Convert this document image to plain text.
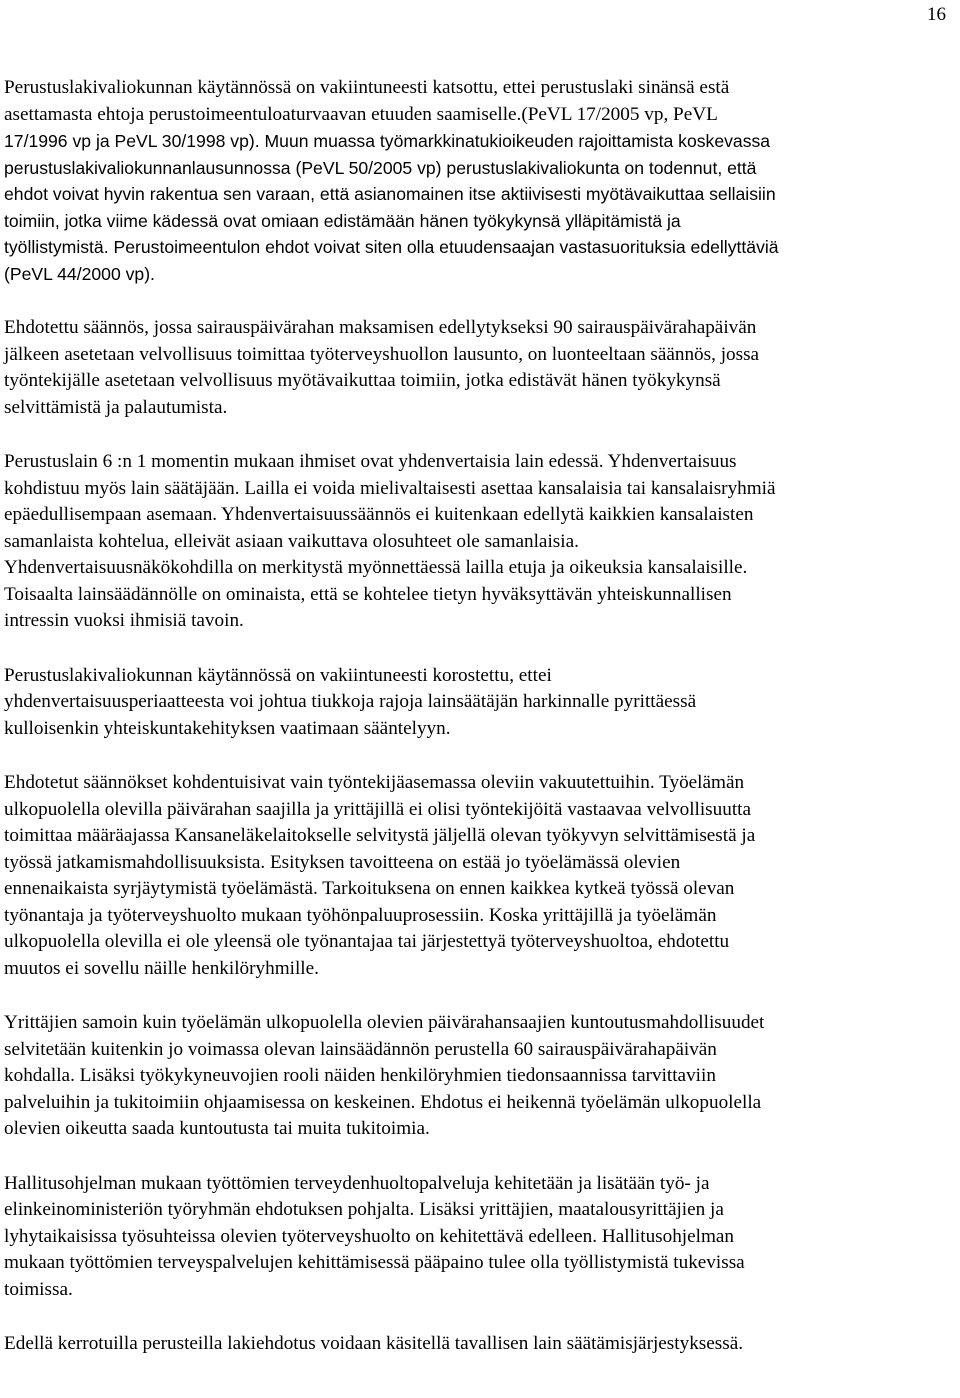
16
Perustuslakivaliokunnan käytännössä on vakiintuneesti katsottu, ettei perustuslaki sinänsä estä
asettamasta ehtoja perustoimeentuloaturvaavan etuuden saamiselle.(PeVL 17/2005 vp, PeVL
17/1996 vp ja PeVL 30/1998 vp). Muun muassa työmarkkinatukioikeuden rajoittamista koskevassa
perustuslakivaliokunnanlausunnossa (PeVL 50/2005 vp) perustuslakivaliokunta on todennut, että
ehdot voivat hyvin rakentua sen varaan, että asianomainen itse aktiivisesti myötävaikuttaa sellaisiin
toimiin, jotka viime kädessä ovat omiaan edistämään hänen työkykynsä ylläpitämistä ja
työllistymistä. Perustoimeentulon ehdot voivat siten olla etuudensaajan vastasuorituksia edellyttäviä
(PeVL 44/2000 vp).
Ehdotettu säännös, jossa sairauspäivärahan maksamisen edellytykseksi 90 sairauspäivärahapäivän
jälkeen asetetaan velvollisuus toimittaa työterveyshuollon lausunto, on luonteeltaan säännös, jossa
työntekijälle asetetaan velvollisuus myötävaikuttaa toimiin, jotka edistävät hänen työkykynsä
selvittämistä ja palautumista.
Perustuslain 6 :n 1 momentin mukaan ihmiset ovat yhdenvertaisia lain edessä. Yhdenvertaisuus
kohdistuu myös lain säätäjään. Lailla ei voida mielivaltaisesti asettaa kansalaisia tai kansalaisryhmiä
epäedullisempaan asemaan. Yhdenvertaisuussäännös ei kuitenkaan edellytä kaikkien kansalaisten
samanlaista kohtelua, elleivät asiaan vaikuttava olosuhteet ole samanlaisia.
Yhdenvertaisuusnäkökohdilla on merkitystä myönnettäessä lailla etuja ja oikeuksia kansalaisille.
Toisaalta lainsäädännölle on ominaista, että se kohtelee tietyn hyväksyttävän yhteiskunnallisen
intressin vuoksi ihmisiä tavoin.
Perustuslakivaliokunnan käytännössä on vakiintuneesti korostettu, ettei
yhdenvertaisuusperiaatteesta voi johtua tiukkoja rajoja lainsäätäjän harkinnalle pyrittäessä
kulloisenkin yhteiskuntakehityksen vaatimaan sääntelyyn.
Ehdotetut säännökset kohdentuisivat vain työntekijäasemassa oleviin vakuutettuihin. Työelämän
ulkopuolella olevilla päivärahan saajilla ja yrittäjillä ei olisi työntekijöitä vastaavaa velvollisuutta
toimittaa määräajassa Kansaneläkelaitokselle selvitystä jäljellä olevan työkyvyn selvittämisestä ja
työssä jatkamismahdollisuuksista. Esityksen tavoitteena on estää jo työelämässä olevien
ennenaikaista syrjäytymistä työelämästä. Tarkoituksena on ennen kaikkea kytkeä työssä olevan
työnantaja ja työterveyshuolto mukaan työhönpaluuprosessiin. Koska yrittäjillä ja työelämän
ulkopuolella olevilla ei ole yleensä ole työnantajaa tai järjestettyä työterveyshuoltoa, ehdotettu
muutos ei sovellu näille henkilöryhmille.
Yrittäjien samoin kuin työelämän ulkopuolella olevien päivärahansaajien kuntoutusmahdollisuudet
selvitetään kuitenkin jo voimassa olevan lainsäädännön perustella 60 sairauspäivärahapäivän
kohdalla. Lisäksi työkykyneuvojien rooli näiden henkilöryhmien tiedonsaannissa tarvittaviin
palveluihin ja tukitoimiin ohjaamisessa on keskeinen. Ehdotus ei heikennä työelämän ulkopuolella
olevien oikeutta saada kuntoutusta tai muita tukitoimia.
Hallitusohjelman mukaan työttömien terveydenhuoltopalveluja kehitetään ja lisätään työ- ja
elinkeinoministeriön työryhmän ehdotuksen pohjalta. Lisäksi yrittäjien, maatalousyrittäjien ja
lyhytaikaisissa työsuhteissa olevien työterveyshuolto on kehitettävä edelleen. Hallitusohjelman
mukaan työttömien terveyspalvelujen kehittämisessä pääpaino tulee olla työllistymistä tukevissa
toimissa.
Edellä kerrotuilla perusteilla lakiehdotus voidaan käsitellä tavallisen lain säätämisjärjestyksessä.
